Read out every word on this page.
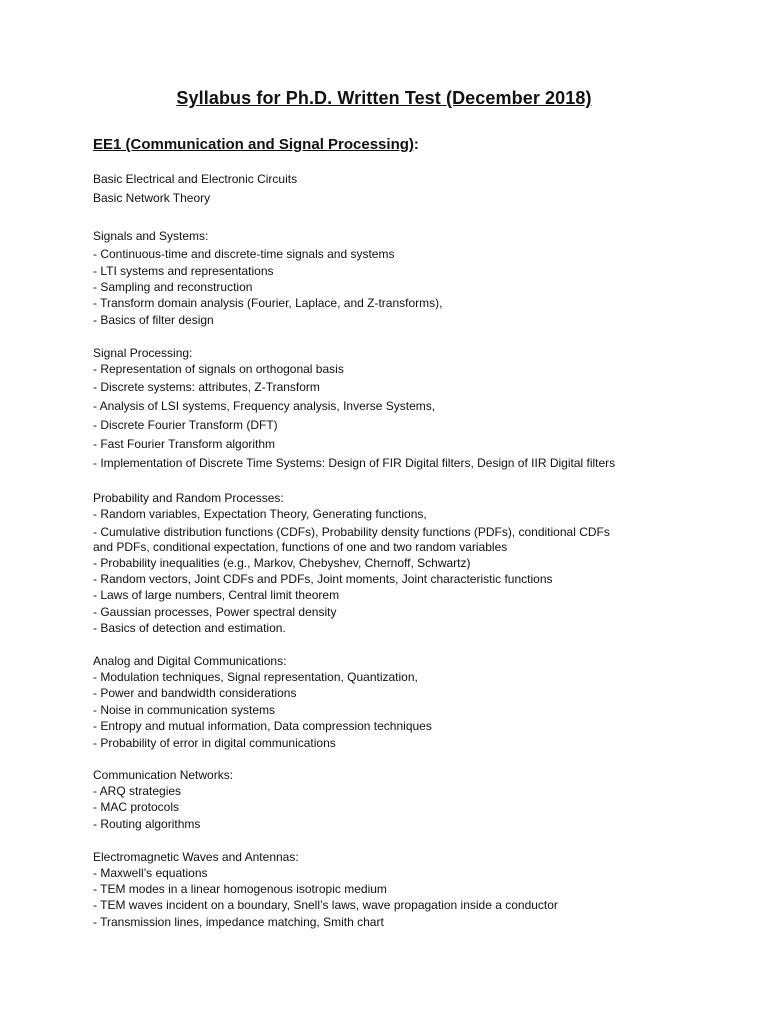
Syllabus for Ph.D. Written Test (December 2018)
EE1 (Communication and Signal Processing):
Basic Electrical and Electronic Circuits
Basic Network Theory
Signals and Systems:
- Continuous-time and discrete-time signals and systems
- LTI systems and representations
- Sampling and reconstruction
- Transform domain analysis (Fourier, Laplace, and Z-transforms),
- Basics of filter design
Signal Processing:
- Representation of signals on orthogonal basis
- Discrete systems: attributes, Z-Transform
- Analysis of LSI systems, Frequency analysis, Inverse Systems,
- Discrete Fourier Transform (DFT)
- Fast Fourier Transform algorithm
- Implementation of Discrete Time Systems: Design of FIR Digital filters, Design of IIR Digital filters
Probability and Random Processes:
- Random variables, Expectation Theory, Generating functions,
- Cumulative distribution functions (CDFs), Probability density functions (PDFs), conditional CDFs
and PDFs, conditional expectation, functions of one and two random variables
- Probability inequalities (e.g., Markov, Chebyshev, Chernoff, Schwartz)
- Random vectors, Joint CDFs and PDFs, Joint moments, Joint characteristic functions
- Laws of large numbers, Central limit theorem
- Gaussian processes, Power spectral density
- Basics of detection and estimation.
Analog and Digital Communications:
- Modulation techniques, Signal representation, Quantization,
- Power and bandwidth considerations
- Noise in communication systems
- Entropy and mutual information, Data compression techniques
- Probability of error in digital communications
Communication Networks:
- ARQ strategies
- MAC protocols
- Routing algorithms
Electromagnetic Waves and Antennas:
- Maxwell’s equations
- TEM modes in a linear homogenous isotropic medium
- TEM waves incident on a boundary, Snell’s laws, wave propagation inside a conductor
- Transmission lines, impedance matching, Smith chart
